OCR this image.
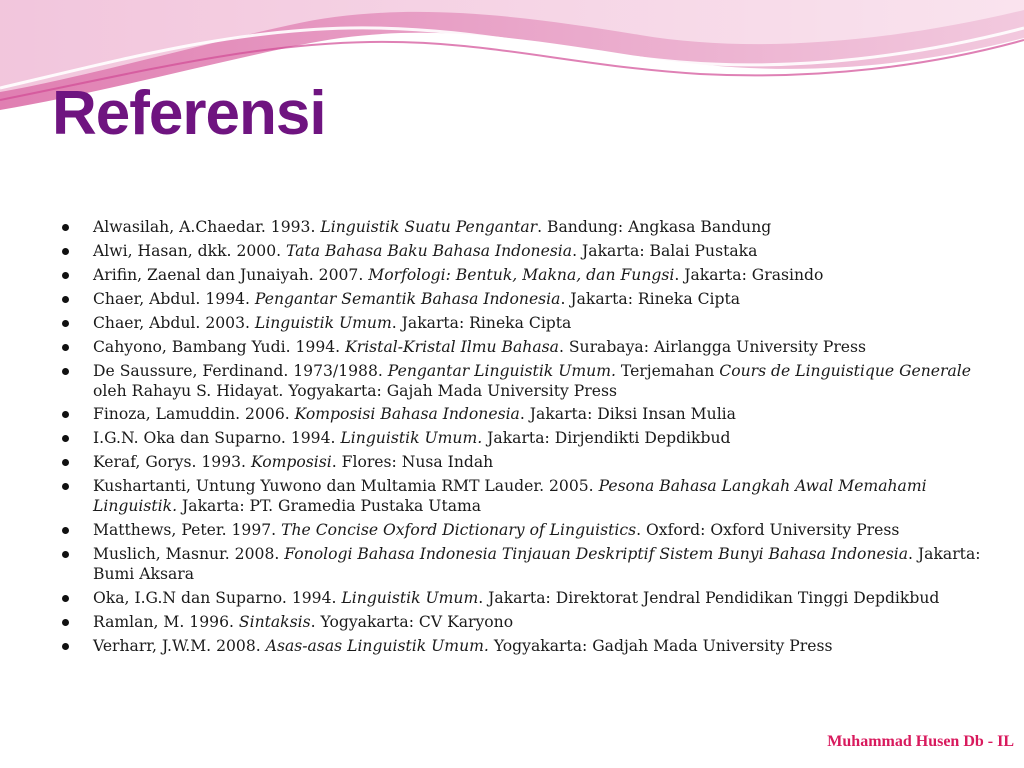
Referensi
Alwasilah, A.Chaedar. 1993. Linguistik Suatu Pengantar. Bandung: Angkasa Bandung
Alwi, Hasan, dkk. 2000. Tata Bahasa Baku Bahasa Indonesia. Jakarta: Balai Pustaka
Arifin, Zaenal dan Junaiyah. 2007. Morfologi: Bentuk, Makna, dan Fungsi. Jakarta: Grasindo
Chaer, Abdul. 1994. Pengantar Semantik Bahasa Indonesia. Jakarta: Rineka Cipta
Chaer, Abdul. 2003. Linguistik Umum. Jakarta: Rineka Cipta
Cahyono, Bambang Yudi. 1994. Kristal-Kristal Ilmu Bahasa. Surabaya: Airlangga University Press
De Saussure, Ferdinand. 1973/1988. Pengantar Linguistik Umum. Terjemahan Cours de Linguistique Generale oleh Rahayu S. Hidayat. Yogyakarta: Gajah Mada University Press
Finoza, Lamuddin. 2006. Komposisi Bahasa Indonesia. Jakarta: Diksi Insan Mulia
I.G.N. Oka dan Suparno. 1994. Linguistik Umum. Jakarta: Dirjendikti Depdikbud
Keraf, Gorys. 1993. Komposisi. Flores: Nusa Indah
Kushartanti, Untung Yuwono dan Multamia RMT Lauder. 2005. Pesona Bahasa Langkah Awal Memahami Linguistik. Jakarta: PT. Gramedia Pustaka Utama
Matthews, Peter. 1997. The Concise Oxford Dictionary of Linguistics. Oxford: Oxford University Press
Muslich, Masnur. 2008. Fonologi Bahasa Indonesia Tinjauan Deskriptif Sistem Bunyi Bahasa Indonesia. Jakarta: Bumi Aksara
Oka, I.G.N dan Suparno. 1994. Linguistik Umum. Jakarta: Direktorat Jendral Pendidikan Tinggi Depdikbud
Ramlan, M. 1996. Sintaksis. Yogyakarta: CV Karyono
Verharr, J.W.M. 2008. Asas-asas Linguistik Umum. Yogyakarta: Gadjah Mada University Press
Muhammad Husen Db - IL
